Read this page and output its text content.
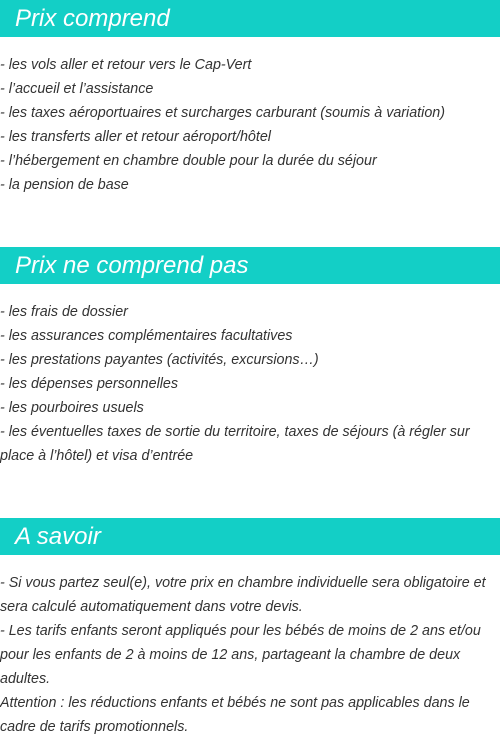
Prix comprend
- les vols aller et retour vers le Cap-Vert
- l’accueil et l’assistance
- les taxes aéroportuaires et surcharges carburant (soumis à variation)
- les transferts aller et retour aéroport/hôtel
- l’hébergement en chambre double pour la durée du séjour
- la pension de base
Prix ne comprend pas
- les frais de dossier
- les assurances complémentaires facultatives
- les prestations payantes (activités, excursions…)
- les dépenses personnelles
- les pourboires usuels
- les éventuelles taxes de sortie du territoire, taxes de séjours (à régler sur place à l’hôtel) et visa d’entrée
A savoir
- Si vous partez seul(e), votre prix en chambre individuelle sera obligatoire et sera calculé automatiquement dans votre devis.
- Les tarifs enfants seront appliqués pour les bébés de moins de 2 ans et/ou pour les enfants de 2 à moins de 12 ans, partageant la chambre de deux adultes.
Attention : les réductions enfants et bébés ne sont pas applicables dans le cadre de tarifs promotionnels.
